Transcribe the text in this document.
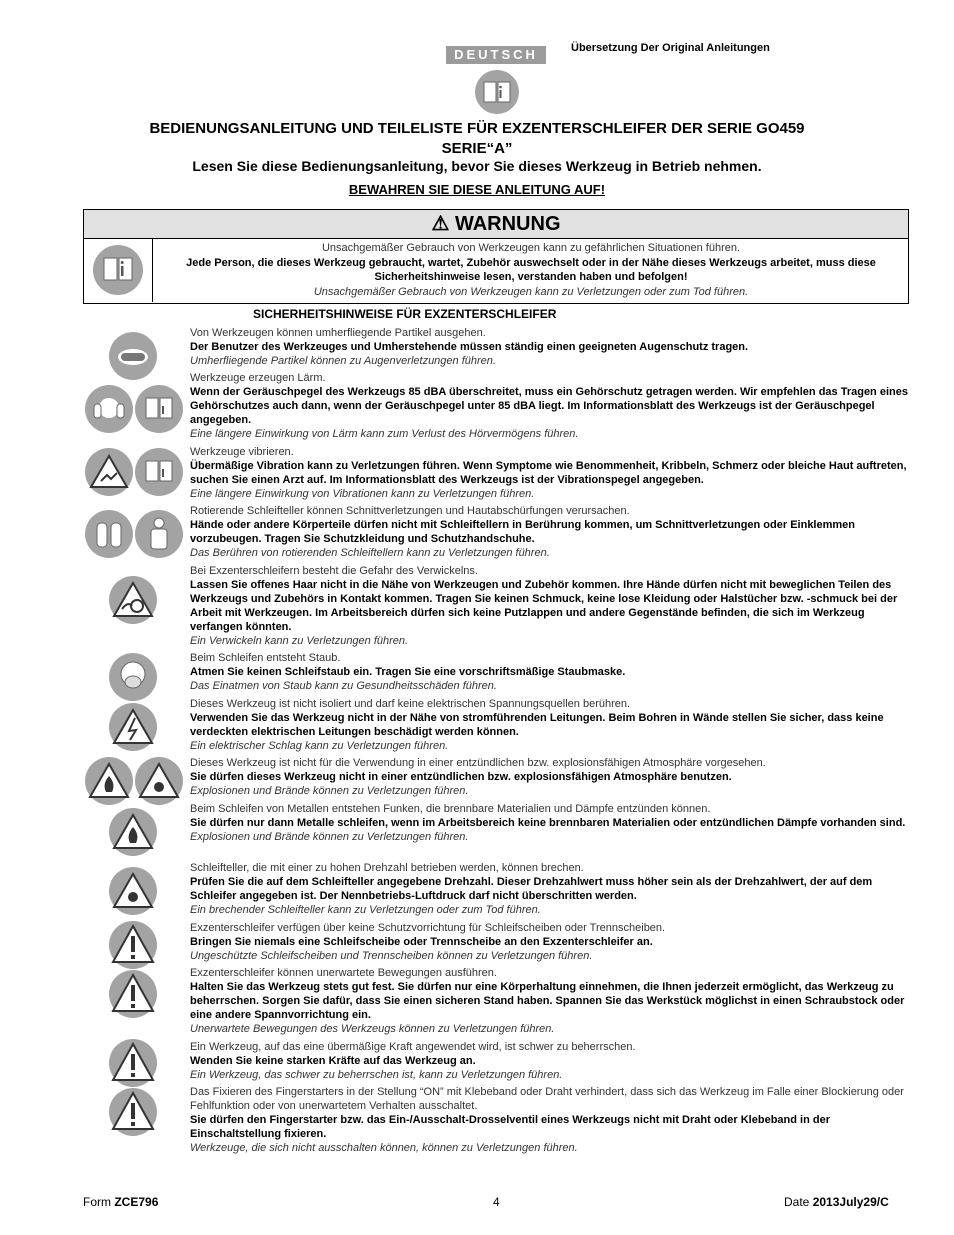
DEUTSCH	Übersetzung Der Original Anleitungen
BEDIENUNGSANLEITUNG UND TEILELISTE FÜR EXZENTERSCHLEIFER DER SERIE GO459
SERIE“A”
Lesen Sie diese Bedienungsanleitung, bevor Sie dieses Werkzeug in Betrieb nehmen.
BEWAHREN SIE DIESE ANLEITUNG AUF!
⚠ WARNUNG
Unsachgemäßer Gebrauch von Werkzeugen kann zu gefährlichen Situationen führen.
Jede Person, die dieses Werkzeug gebraucht, wartet, Zubehör auswechselt oder in der Nähe dieses Werkzeugs arbeitet, muss diese Sicherheitshinweise lesen, verstanden haben und befolgen!
Unsachgemäßer Gebrauch von Werkzeugen kann zu Verletzungen oder zum Tod führen.
SICHERHEITSHINWEISE FÜR EXZENTERSCHLEIFER
Von Werkzeugen können umherfliegende Partikel ausgehen.
Der Benutzer des Werkzeuges und Umherstehende müssen ständig einen geeigneten Augenschutz tragen.
Umherfliegende Partikel können zu Augenverletzungen führen.
Werkzeuge erzeugen Lärm.
Wenn der Geräuschpegel des Werkzeugs 85 dBA überschreitet, muss ein Gehörschutz getragen werden. Wir empfehlen das Tragen eines Gehörschutzes auch dann, wenn der Geräuschpegel unter 85 dBA liegt. Im Informationsblatt des Werkzeugs ist der Geräuschpegel angegeben.
Eine längere Einwirkung von Lärm kann zum Verlust des Hörvermögens führen.
Werkzeuge vibrieren.
Übermäßige Vibration kann zu Verletzungen führen. Wenn Symptome wie Benommenheit, Kribbeln, Schmerz oder bleiche Haut auftreten, suchen Sie einen Arzt auf. Im Informationsblatt des Werkzeugs ist der Vibrationspegel angegeben.
Eine längere Einwirkung von Vibrationen kann zu Verletzungen führen.
Rotierende Schleifteller können Schnittverletzungen und Hautabschürfungen verursachen.
Hände oder andere Körperteile dürfen nicht mit Schleiftellern in Berührung kommen, um Schnittverletzungen oder Einklemmen vorzubeugen. Tragen Sie Schutzkleidung und Schutzhandschuhe.
Das Berühren von rotierenden Schleiftellern kann zu Verletzungen führen.
Bei Exzenterschleifern besteht die Gefahr des Verwickelns.
Lassen Sie offenes Haar nicht in die Nähe von Werkzeugen und Zubehör kommen. Ihre Hände dürfen nicht mit beweglichen Teilen des Werkzeugs und Zubehörs in Kontakt kommen. Tragen Sie keinen Schmuck, keine lose Kleidung oder Halstücher bzw. -schmuck bei der Arbeit mit Werkzeugen. Im Arbeitsbereich dürfen sich keine Putzlappen und andere Gegenstände befinden, die sich im Werkzeug verfangen könnten.
Ein Verwickeln kann zu Verletzungen führen.
Beim Schleifen entsteht Staub.
Atmen Sie keinen Schleifstaub ein. Tragen Sie eine vorschriftsmäßige Staubmaske.
Das Einatmen von Staub kann zu Gesundheitsschäden führen.
Dieses Werkzeug ist nicht isoliert und darf keine elektrischen Spannungsquellen berühren.
Verwenden Sie das Werkzeug nicht in der Nähe von stromführenden Leitungen. Beim Bohren in Wände stellen Sie sicher, dass keine verdeckten elektrischen Leitungen beschädigt werden können.
Ein elektrischer Schlag kann zu Verletzungen führen.
Dieses Werkzeug ist nicht für die Verwendung in einer entzündlichen bzw. explosionsfähigen Atmosphäre vorgesehen.
Sie dürfen dieses Werkzeug nicht in einer entzündlichen bzw. explosionsfähigen Atmosphäre benutzen.
Explosionen und Brände können zu Verletzungen führen.
Beim Schleifen von Metallen entstehen Funken, die brennbare Materialien und Dämpfe entzünden können.
Sie dürfen nur dann Metalle schleifen, wenn im Arbeitsbereich keine brennbaren Materialien oder entzündlichen Dämpfe vorhanden sind.
Explosionen und Brände können zu Verletzungen führen.
Schleifteller, die mit einer zu hohen Drehzahl betrieben werden, können brechen.
Prüfen Sie die auf dem Schleifteller angegebene Drehzahl. Dieser Drehzahlwert muss höher sein als der Drehzahlwert, der auf dem Schleifer angegeben ist. Der Nennbetriebs-Luftdruck darf nicht überschritten werden.
Ein brechender Schleifteller kann zu Verletzungen oder zum Tod führen.
Exzenterschleifer verfügen über keine Schutzvorrichtung für Schleifscheiben oder Trennscheiben.
Bringen Sie niemals eine Schleifscheibe oder Trennscheibe an den Exzenterschleifer an.
Ungeschützte Schleifscheiben und Trennscheiben können zu Verletzungen führen.
Exzenterschleifer können unerwartete Bewegungen ausführen.
Halten Sie das Werkzeug stets gut fest. Sie dürfen nur eine Körperhaltung einnehmen, die Ihnen jederzeit ermöglicht, das Werkzeug zu beherrschen. Sorgen Sie dafür, dass Sie einen sicheren Stand haben. Spannen Sie das Werkstück möglichst in einen Schraubstock oder eine andere Spannvorrichtung ein.
Unerwartete Bewegungen des Werkzeugs können zu Verletzungen führen.
Ein Werkzeug, auf das eine übermäßige Kraft angewendet wird, ist schwer zu beherrschen.
Wenden Sie keine starken Kräfte auf das Werkzeug an.
Ein Werkzeug, das schwer zu beherrschen ist, kann zu Verletzungen führen.
Das Fixieren des Fingerstarters in der Stellung “ON” mit Klebeband oder Draht verhindert, dass sich das Werkzeug im Falle einer Blockierung oder Fehlfunktion oder von unerwartetem Verhalten ausschaltet.
Sie dürfen den Fingerstarter bzw. das Ein-/Ausschalt-Drosselventil eines Werkzeugs nicht mit Draht oder Klebeband in der Einschaltstellung fixieren.
Werkzeuge, die sich nicht ausschalten können, können zu Verletzungen führen.
Form ZCE796	4	Date 2013July29/C
